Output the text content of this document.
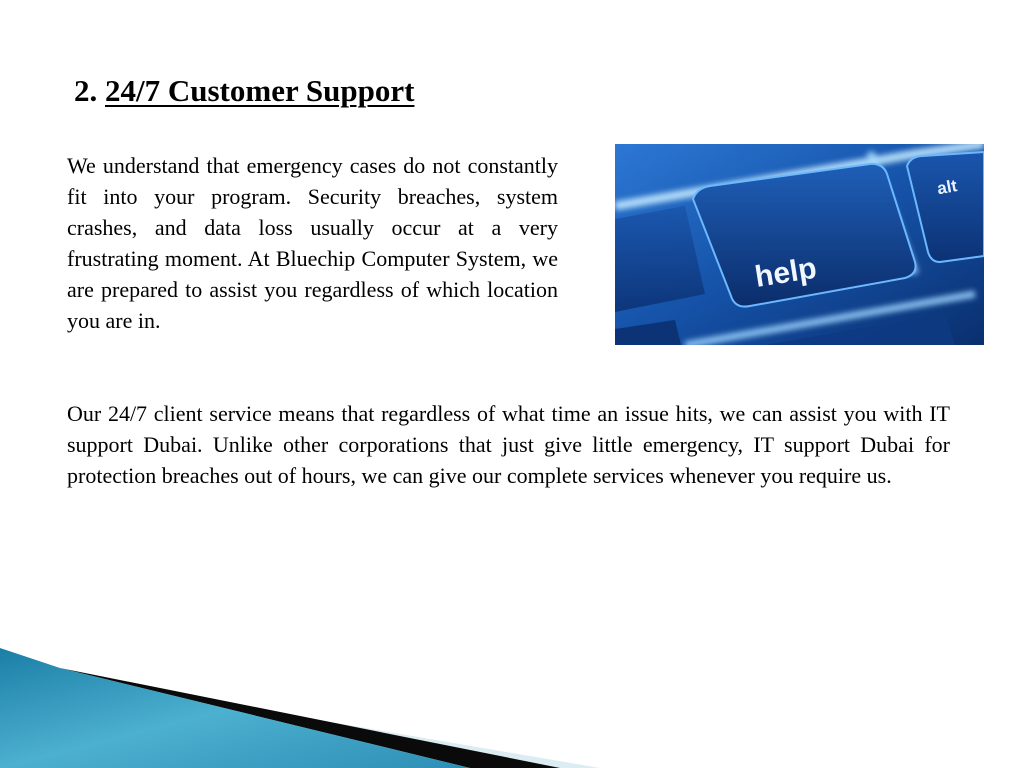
2. 24/7 Customer Support

We understand that emergency cases do not constantly fit into your program. Security breaches, system crashes, and data loss usually occur at a very frustrating moment. At Bluechip Computer System, we are prepared to assist you regardless of which location you are in.

help
alt

Our 24/7 client service means that regardless of what time an issue hits, we can assist you with IT support Dubai. Unlike other corporations that just give little emergency, IT support Dubai for protection breaches out of hours, we can give our complete services whenever you require us.
